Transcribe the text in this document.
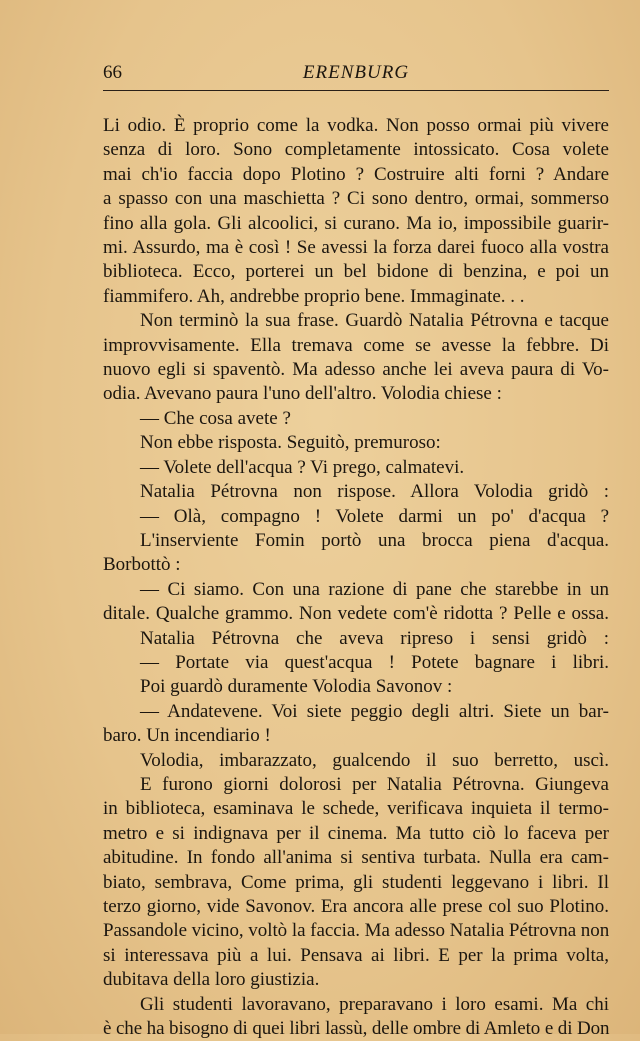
66	ERENBURG
Li odio. È proprio come la vodka. Non posso ormai più vivere
senza di loro. Sono completamente intossicato. Cosa volete
mai ch'io faccia dopo Plotino ? Costruire alti forni ? Andare
a spasso con una maschietta ? Ci sono dentro, ormai, sommerso
fino alla gola. Gli alcoolici, si curano. Ma io, impossibile guarir-
mi. Assurdo, ma è così ! Se avessi la forza darei fuoco alla vostra
biblioteca. Ecco, porterei un bel bidone di benzina, e poi un
fiammifero. Ah, andrebbe proprio bene. Immaginate. . .
Non terminò la sua frase. Guardò Natalia Pétrovna e tacque
improvvisamente. Ella tremava come se avesse la febbre. Di
nuovo egli si spaventò. Ma adesso anche lei aveva paura di Vo-
odia. Avevano paura l'uno dell'altro. Volodia chiese :
— Che cosa avete ?
Non ebbe risposta. Seguitò, premuroso:
— Volete dell'acqua ? Vi prego, calmatevi.
Natalia Pétrovna non rispose. Allora Volodia gridò :
— Olà, compagno ! Volete darmi un po' d'acqua ?
L'inserviente Fomin portò una brocca piena d'acqua.
Borbottò :
— Ci siamo. Con una razione di pane che starebbe in un
ditale. Qualche grammo. Non vedete com'è ridotta ? Pelle e ossa.
Natalia Pétrovna che aveva ripreso i sensi gridò :
— Portate via quest'acqua ! Potete bagnare i libri.
Poi guardò duramente Volodia Savonov :
— Andatevene. Voi siete peggio degli altri. Siete un bar-
baro. Un incendiario !
Volodia, imbarazzato, gualcendo il suo berretto, uscì.
E furono giorni dolorosi per Natalia Pétrovna. Giungeva
in biblioteca, esaminava le schede, verificava inquieta il termo-
metro e si indignava per il cinema. Ma tutto ciò lo faceva per
abitudine. In fondo all'anima si sentiva turbata. Nulla era cam-
biato, sembrava, Come prima, gli studenti leggevano i libri. Il
terzo giorno, vide Savonov. Era ancora alle prese col suo Plotino.
Passandole vicino, voltò la faccia. Ma adesso Natalia Pétrovna non
si interessava più a lui. Pensava ai libri. E per la prima volta,
dubitava della loro giustizia.
Gli studenti lavoravano, preparavano i loro esami. Ma chi
è che ha bisogno di quei libri lassù, delle ombre di Amleto e di Don
